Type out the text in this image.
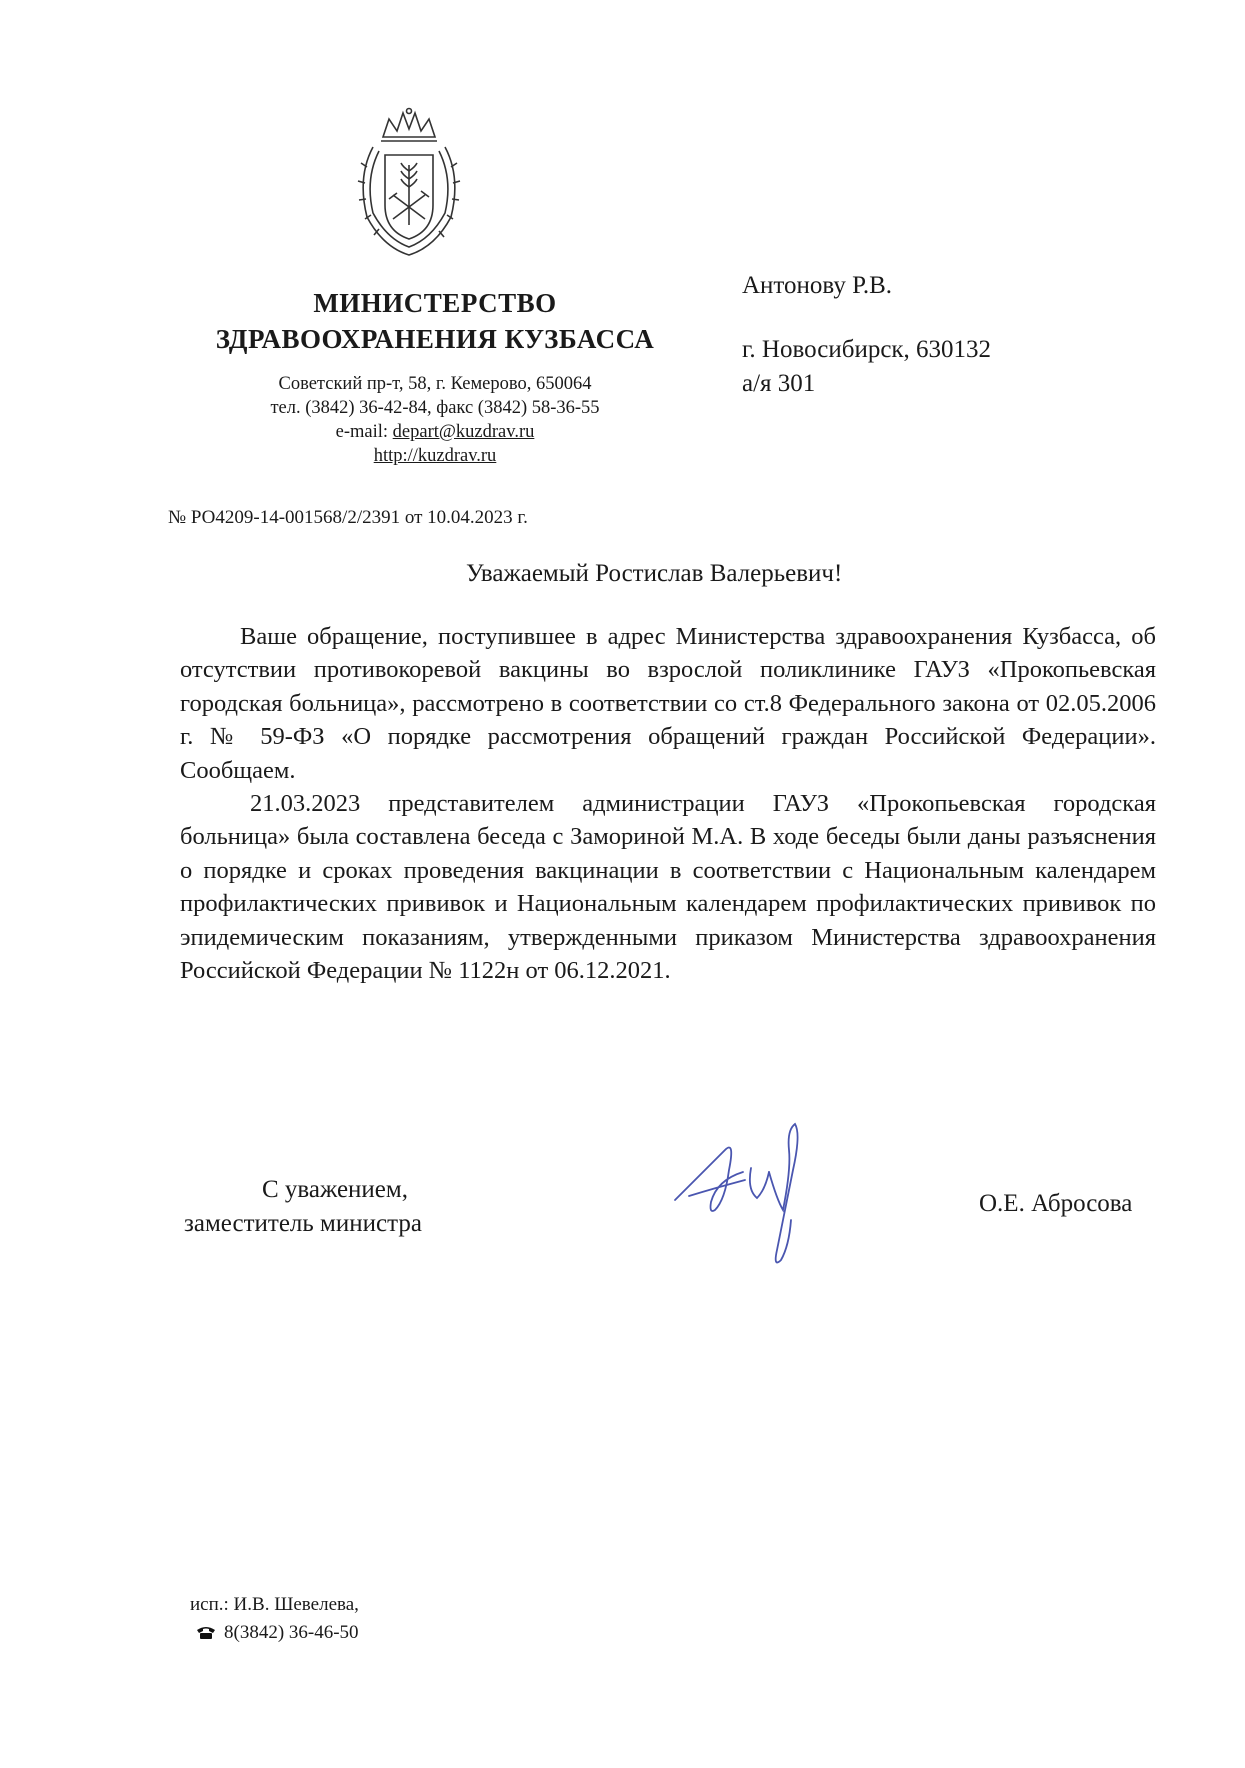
МИНИСТЕРСТВО
ЗДРАВООХРАНЕНИЯ КУЗБАССА
Советский пр-т, 58, г. Кемерово, 650064
тел. (3842) 36-42-84, факс (3842) 58-36-55
e-mail: depart@kuzdrav.ru
http://kuzdrav.ru
Антонову Р.В.
г. Новосибирск, 630132
а/я 301
№ РО4209-14-001568/2/2391 от 10.04.2023 г.
Уважаемый Ростислав Валерьевич!
Ваше обращение, поступившее в адрес Министерства здравоохранения Кузбасса, об отсутствии противокоревой вакцины во взрослой поликлинике ГАУЗ «Прокопьевская городская больница», рассмотрено в соответствии со ст.8 Федерального закона от 02.05.2006 г. № 59-ФЗ «О порядке рассмотрения обращений граждан Российской Федерации». Сообщаем.
21.03.2023 представителем администрации ГАУЗ «Прокопьевская городская больница» была составлена беседа с Замориной М.А. В ходе беседы были даны разъяснения о порядке и сроках проведения вакцинации в соответствии с Национальным календарем профилактических прививок и Национальным календарем профилактических прививок по эпидемическим показаниям, утвержденными приказом Министерства здравоохранения Российской Федерации № 1122н от 06.12.2021.
С уважением,
заместитель министра
О.Е. Абросова
исп.: И.В. Шевелева,
8(3842) 36-46-50
